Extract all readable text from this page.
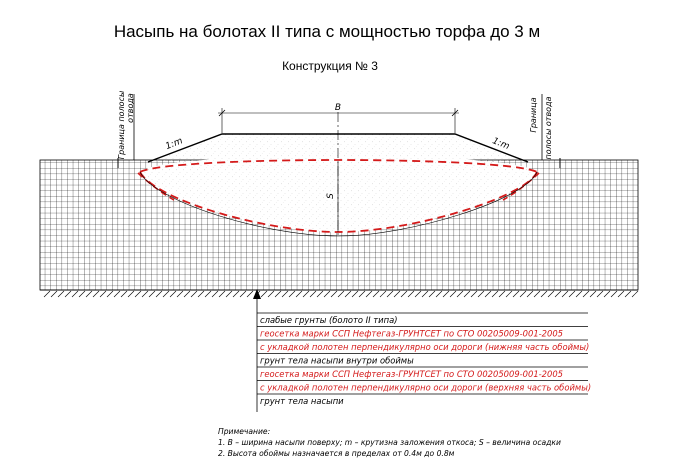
Насыпь на болотах II типа с мощностью торфа до 3 м
Конструкция № 3
B
S
1:m	1:m
Граница полосы отвода	Граница полосы отвода
слабые грунты (болото II типа)
геосетка марки ССП Нефтегаз-ГРУНТСЕТ по СТО 00205009-001-2005
с укладкой полотен перпендикулярно оси дороги (нижняя часть обоймы)
грунт тела насыпи внутри обоймы
геосетка марки ССП Нефтегаз-ГРУНТСЕТ по СТО 00205009-001-2005
с укладкой полотен перпендикулярно оси дороги (верхняя часть обоймы)
грунт тела насыпи
Примечание:
1. B – ширина насыпи поверху; m – крутизна заложения откоса; S – величина осадки
2. Высота обоймы назначается в пределах от 0.4м до 0.8м
